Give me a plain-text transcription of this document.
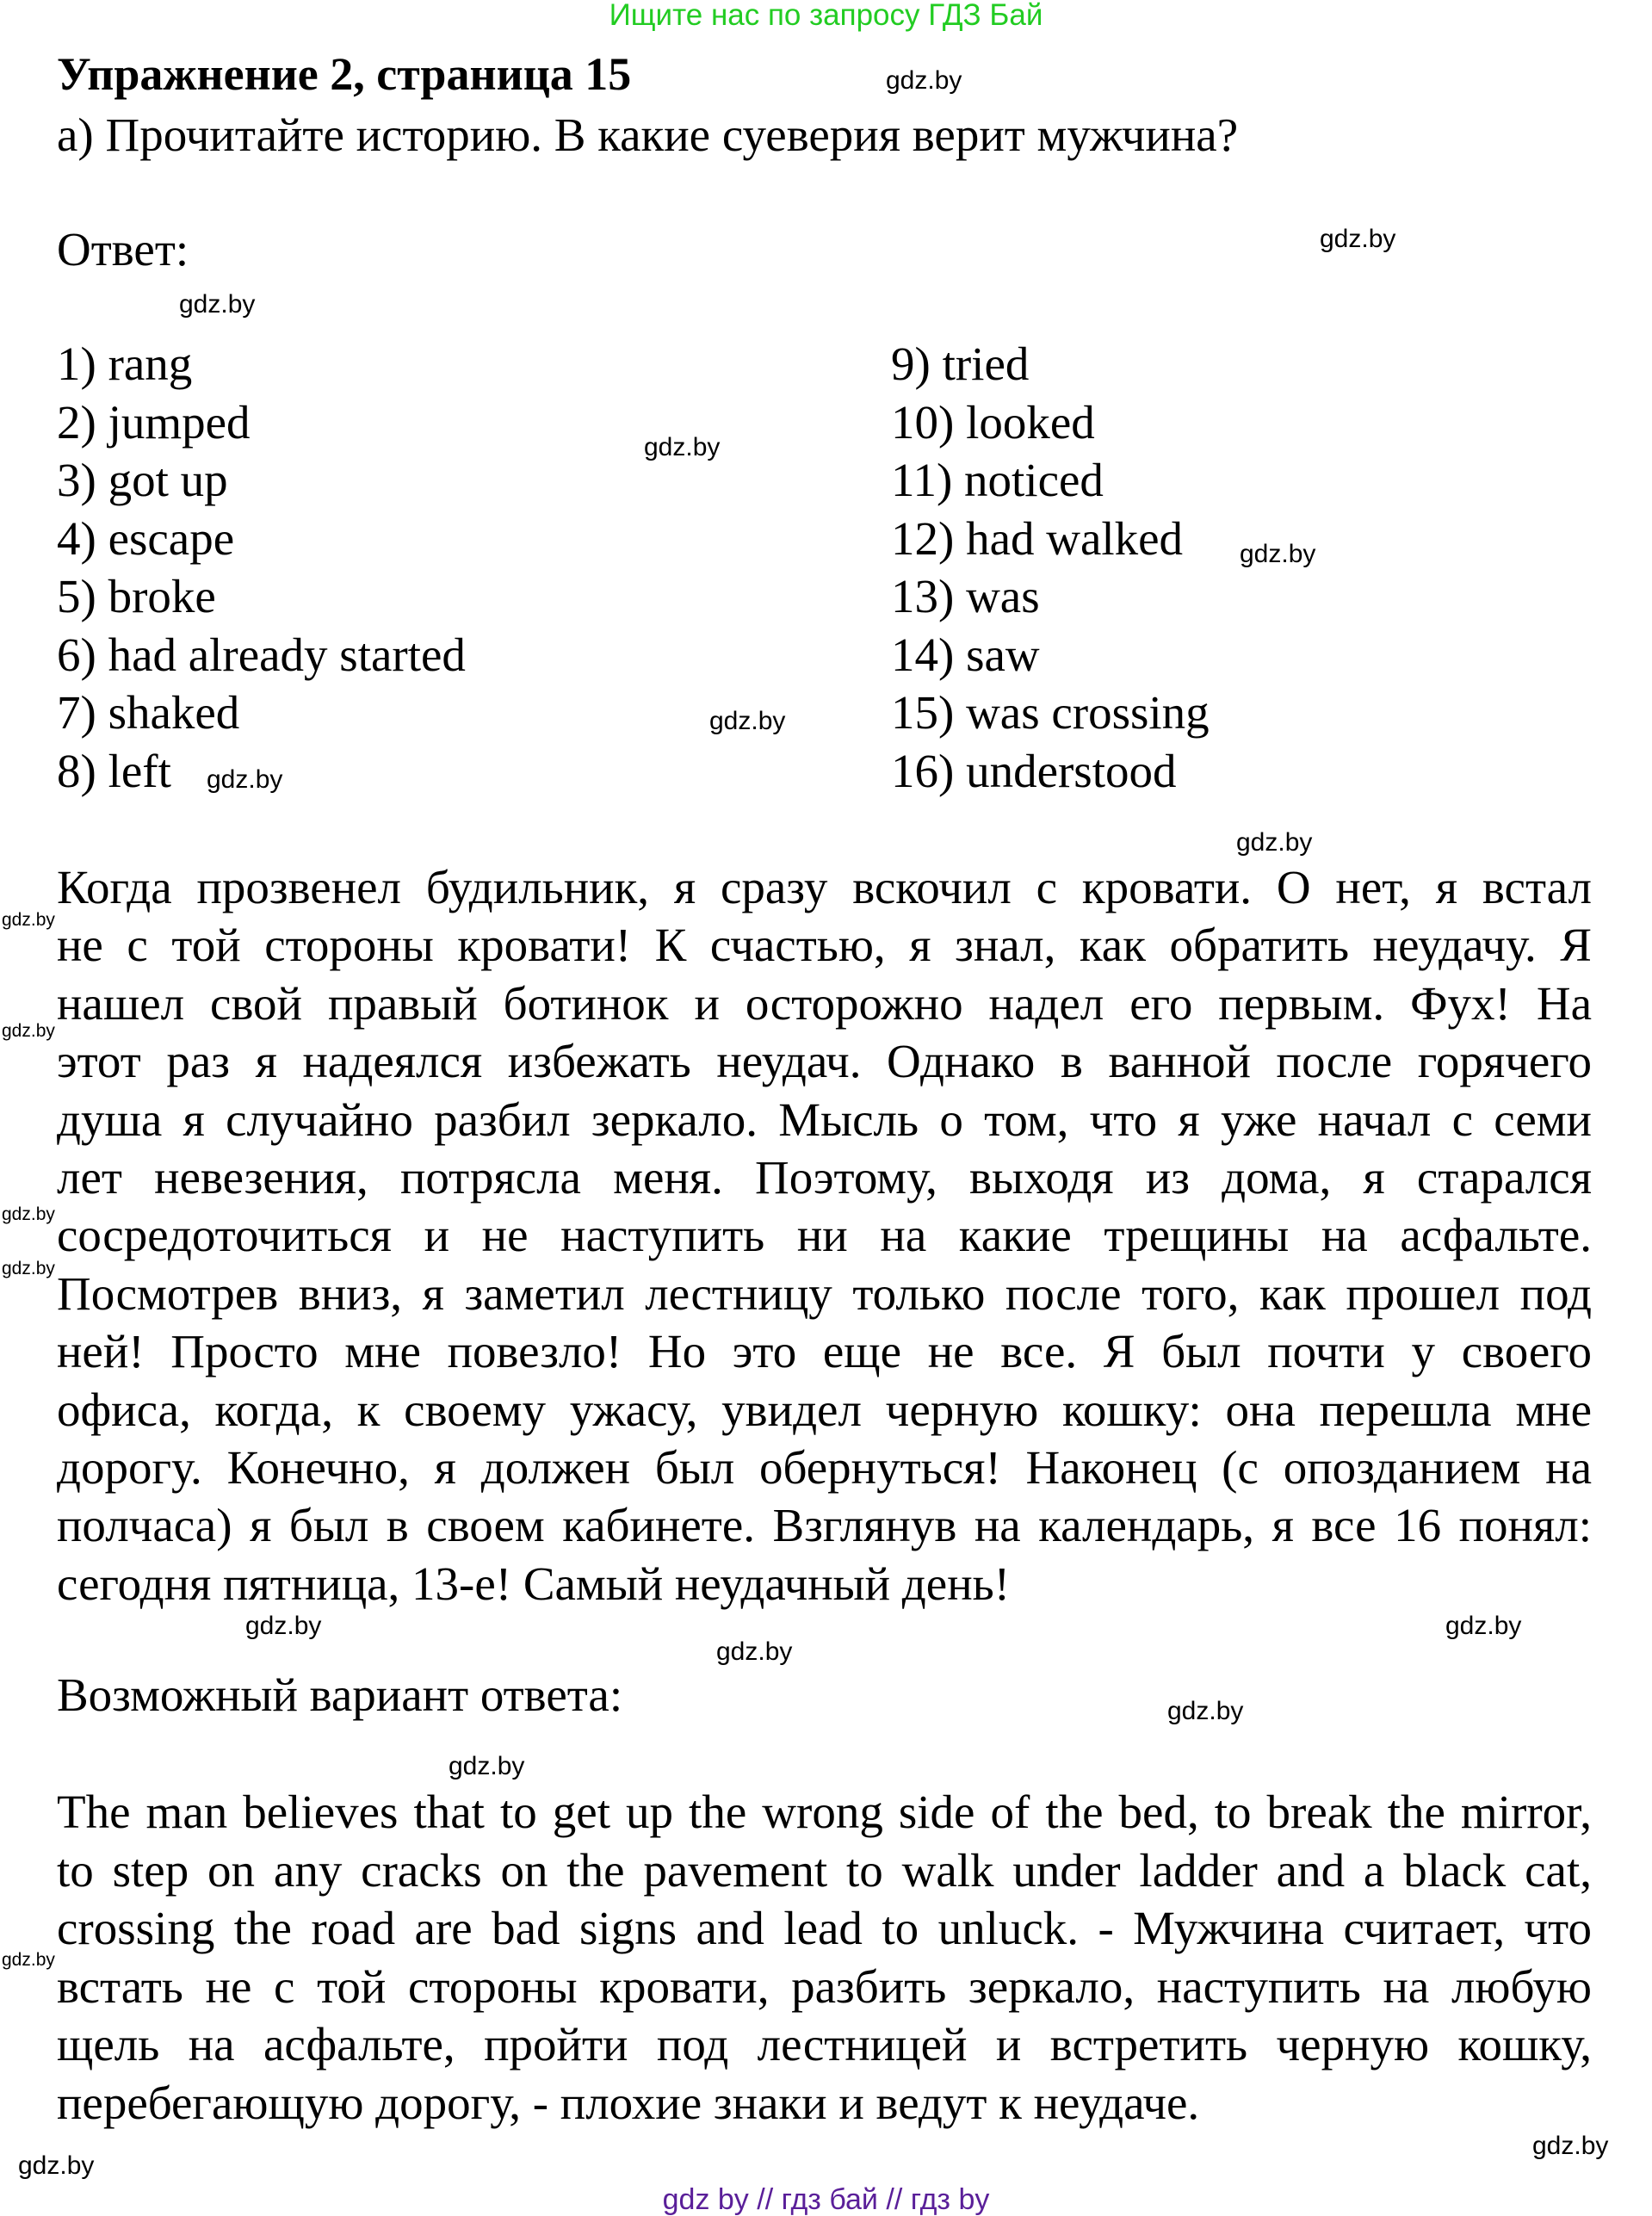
Ищите нас по запросу ГДЗ Бай
Упражнение 2, страница 15
а) Прочитайте историю. В какие суеверия верит мужчина?
Ответ:
1) rang
2) jumped
3) got up
4) escape
5) broke
6) had already started
7) shaked
8) left
9) tried
10) looked
11) noticed
12) had walked
13) was
14) saw
15) was crossing
16) understood
Когда прозвенел будильник, я сразу вскочил с кровати. О нет, я встал
не с той стороны кровати! К счастью, я знал, как обратить неудачу. Я
нашел свой правый ботинок и осторожно надел его первым. Фух! На
этот раз я надеялся избежать неудач. Однако в ванной после горячего
душа я случайно разбил зеркало. Мысль о том, что я уже начал с семи
лет невезения, потрясла меня. Поэтому, выходя из дома, я старался
сосредоточиться и не наступить ни на какие трещины на асфальте.
Посмотрев вниз, я заметил лестницу только после того, как прошел под
ней! Просто мне повезло! Но это еще не все. Я был почти у своего
офиса, когда, к своему ужасу, увидел черную кошку: она перешла мне
дорогу. Конечно, я должен был обернуться! Наконец (с опозданием на
полчаса) я был в своем кабинете. Взглянув на календарь, я все 16 понял:
сегодня пятница, 13-е! Самый неудачный день!
Возможный вариант ответа:
The man believes that to get up the wrong side of the bed, to break the mirror,
to step on any cracks on the pavement to walk under ladder and a black cat,
crossing the road are bad signs and lead to unluck. - Мужчина считает, что
встать не с той стороны кровати, разбить зеркало, наступить на любую
щель на асфальте, пройти под лестницей и встретить черную кошку,
перебегающую дорогу, - плохие знаки и ведут к неудаче.
gdz.by
gdz.by
gdz.by
gdz.by
gdz.by
gdz.by
gdz.by
gdz.by
gdz.by
gdz.by
gdz.by
gdz.by
gdz.by
gdz.by
gdz.by
gdz.by
gdz.by
gdz.by
gdz.by
gdz.by
gdz by // гдз бай // гдз by
